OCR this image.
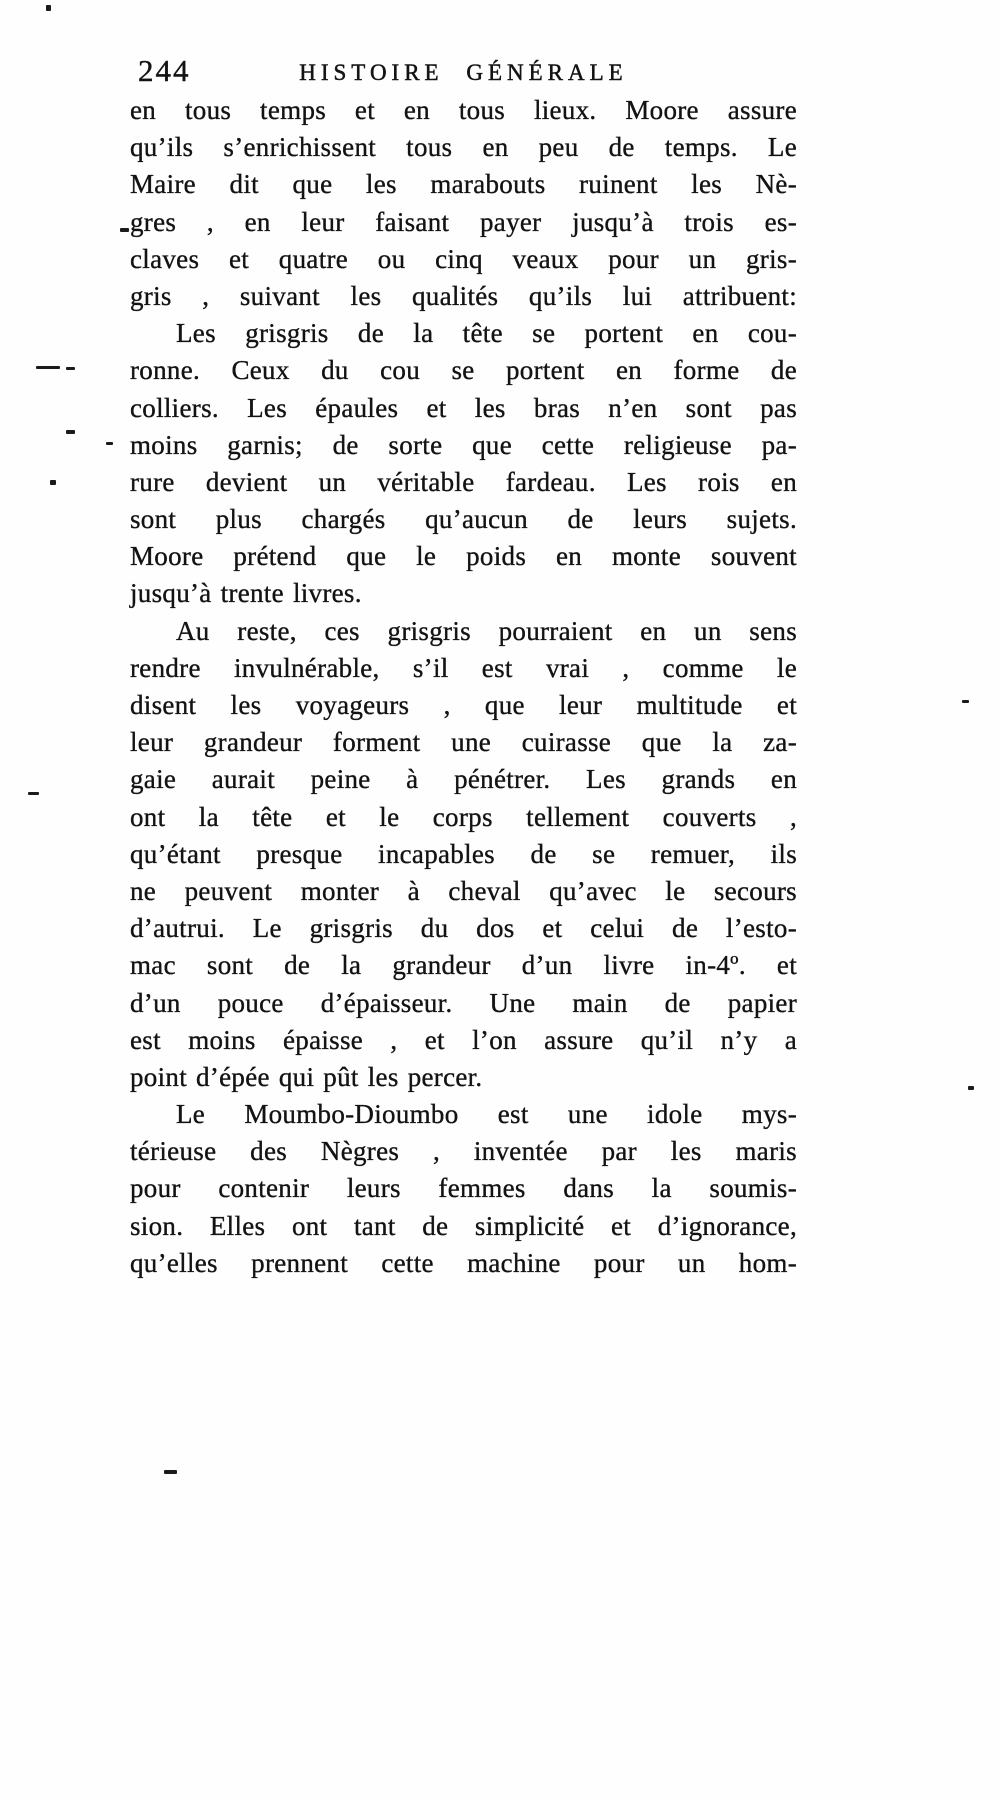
244	HISTOIRE GÉNÉRALE
en tous temps et en tous lieux. Moore assure
qu’ils s’enrichissent tous en peu de temps. Le
Maire dit que les marabouts ruinent les Nè-
gres , en leur faisant payer jusqu’à trois es-
claves et quatre ou cinq veaux pour un gris-
gris , suivant les qualités qu’ils lui attribuent:
Les grisgris de la tête se portent en cou-
ronne. Ceux du cou se portent en forme de
colliers. Les épaules et les bras n’en sont pas
moins garnis; de sorte que cette religieuse pa-
rure devient un véritable fardeau. Les rois en
sont plus chargés qu’aucun de leurs sujets.
Moore prétend que le poids en monte souvent
jusqu’à trente livres.
Au reste, ces grisgris pourraient en un sens
rendre invulnérable, s’il est vrai , comme le
disent les voyageurs , que leur multitude et
leur grandeur forment une cuirasse que la za-
gaie aurait peine à pénétrer. Les grands en
ont la tête et le corps tellement couverts ,
qu’étant presque incapables de se remuer, ils
ne peuvent monter à cheval qu’avec le secours
d’autrui. Le grisgris du dos et celui de l’esto-
mac sont de la grandeur d’un livre in-4º. et
d’un pouce d’épaisseur. Une main de papier
est moins épaisse , et l’on assure qu’il n’y a
point d’épée qui pût les percer.
Le Moumbo-Dioumbo est une idole mys-
térieuse des Nègres , inventée par les maris
pour contenir leurs femmes dans la soumis-
sion. Elles ont tant de simplicité et d’ignorance,
qu’elles prennent cette machine pour un hom-
